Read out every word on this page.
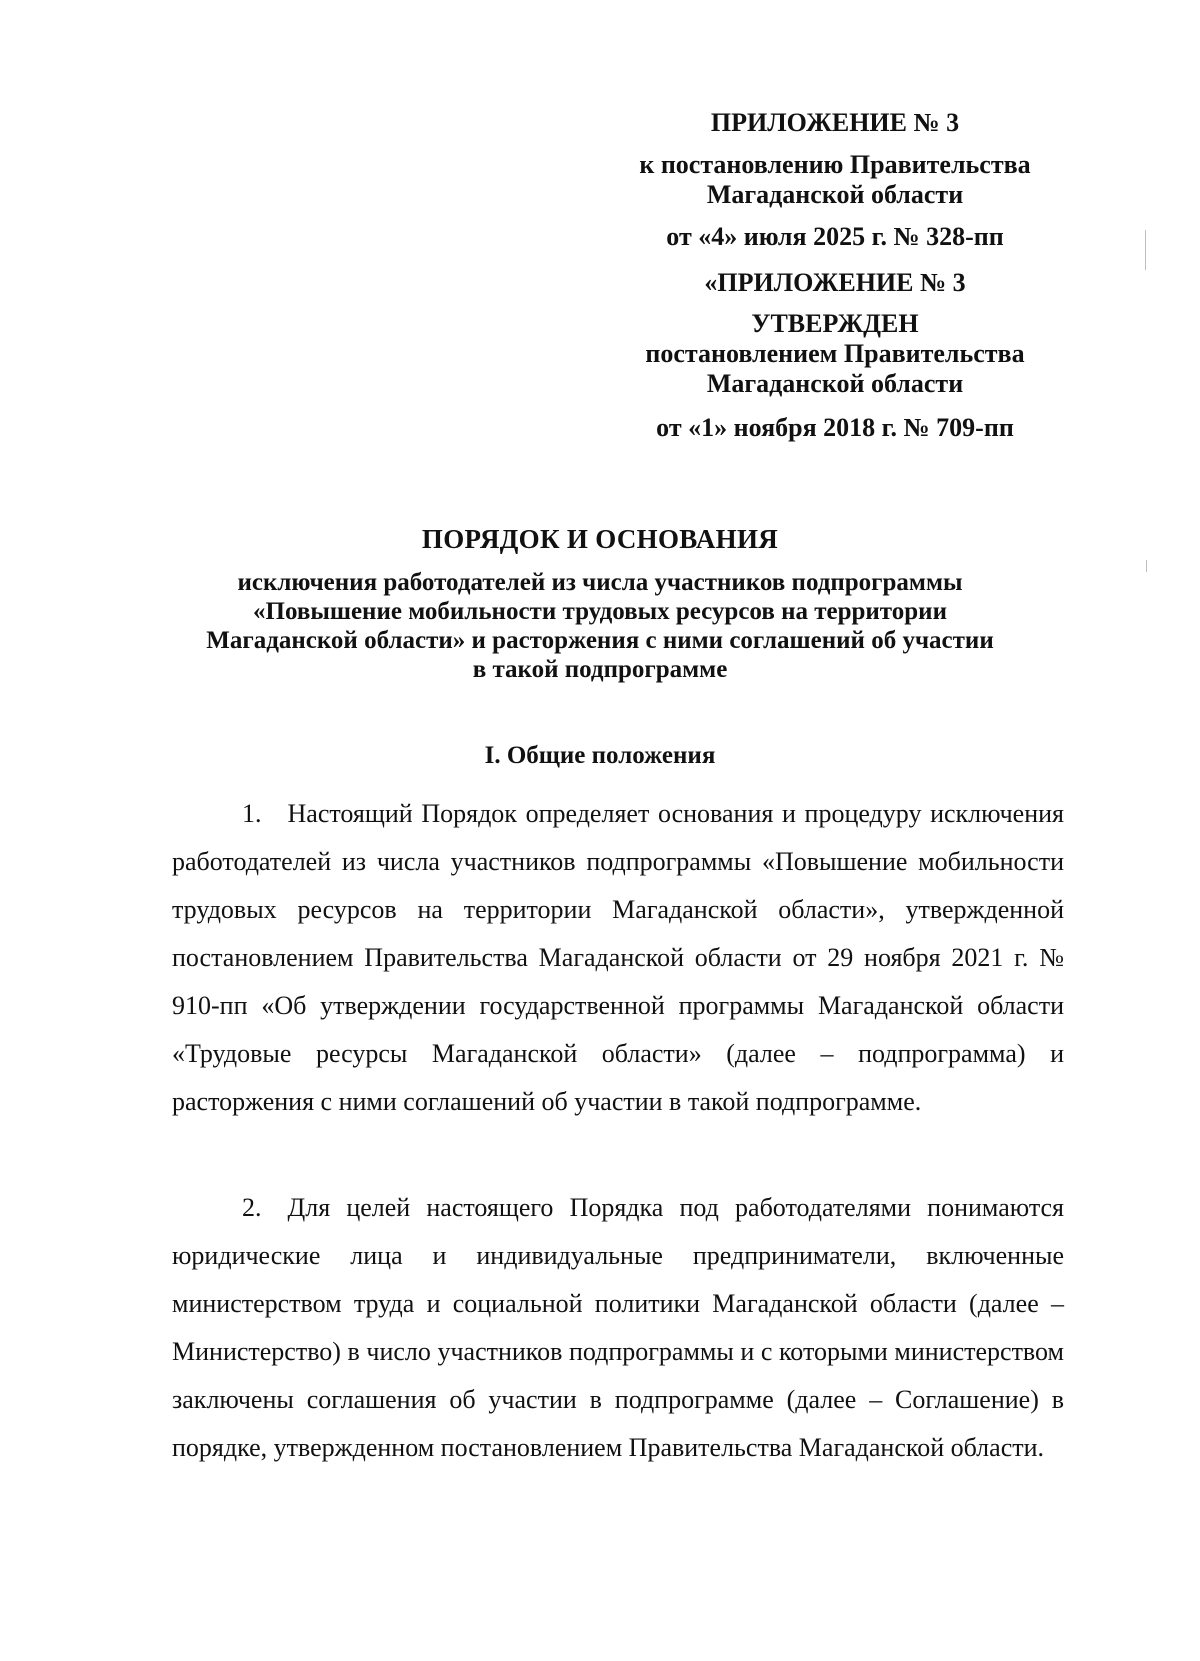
ПРИЛОЖЕНИЕ № 3
к постановлению Правительства
Магаданской области
от «4» июля 2025 г. № 328-пп
«ПРИЛОЖЕНИЕ № 3
УТВЕРЖДЕН
постановлением Правительства
Магаданской области
от «1» ноября 2018 г. № 709-пп
ПОРЯДОК И ОСНОВАНИЯ
исключения работодателей из числа участников подпрограммы
«Повышение мобильности трудовых ресурсов на территории
Магаданской области» и расторжения с ними соглашений об участии
в такой подпрограмме
I. Общие положения

1. Настоящий Порядок определяет основания и процедуру исключения работодателей из числа участников подпрограммы «Повышение мобильности трудовых ресурсов на территории Магаданской области», утвержденной постановлением Правительства Магаданской области от 29 ноября 2021 г. № 910-пп «Об утверждении государственной программы Магаданской области «Трудовые ресурсы Магаданской области» (далее – подпрограмма) и расторжения с ними соглашений об участии в такой подпрограмме.

2. Для целей настоящего Порядка под работодателями понимаются юридические лица и индивидуальные предприниматели, включенные министерством труда и социальной политики Магаданской области (далее – Министерство) в число участников подпрограммы и с которыми министерством заключены соглашения об участии в подпрограмме (далее – Соглашение) в порядке, утвержденном постановлением Правительства Магаданской области.
